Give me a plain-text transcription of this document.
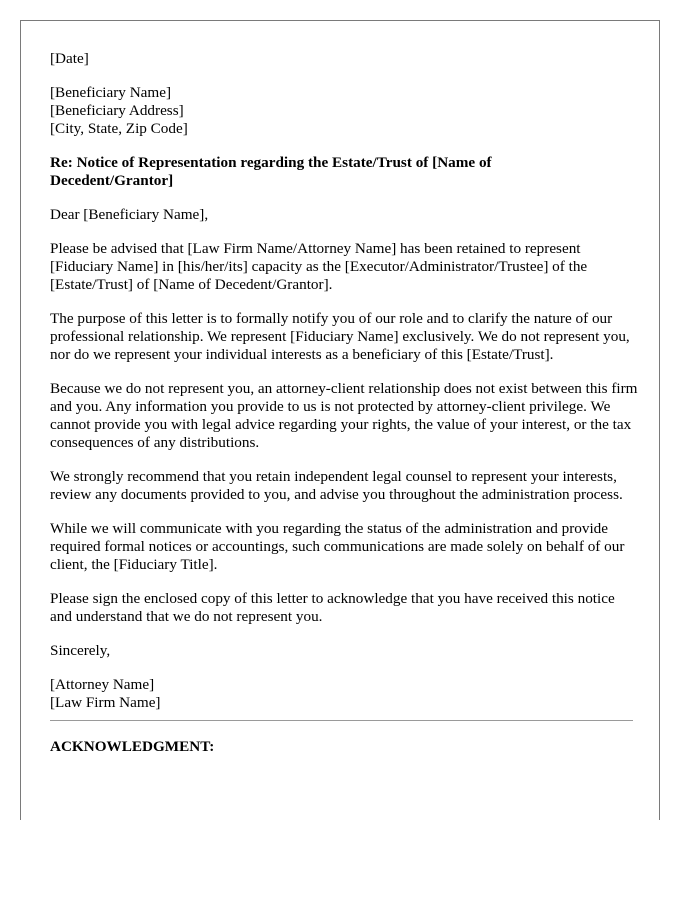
[Date]
[Beneficiary Name]
[Beneficiary Address]
[City, State, Zip Code]
Re: Notice of Representation regarding the Estate/Trust of [Name of
Decedent/Grantor]
Dear [Beneficiary Name],

Please be advised that [Law Firm Name/Attorney Name] has been retained to represent [Fiduciary Name] in [his/her/its] capacity as the [Executor/Administrator/Trustee] of the [Estate/Trust] of [Name of Decedent/Grantor].

The purpose of this letter is to formally notify you of our role and to clarify the nature of our professional relationship. We represent [Fiduciary Name] exclusively. We do not represent you, nor do we represent your individual interests as a beneficiary of this [Estate/Trust].

Because we do not represent you, an attorney-client relationship does not exist between this firm and you. Any information you provide to us is not protected by attorney-client privilege. We cannot provide you with legal advice regarding your rights, the value of your interest, or the tax consequences of any distributions.

We strongly recommend that you retain independent legal counsel to represent your interests, review any documents provided to you, and advise you throughout the administration process.

While we will communicate with you regarding the status of the administration and provide required formal notices or accountings, such communications are made solely on behalf of our client, the [Fiduciary Title].

Please sign the enclosed copy of this letter to acknowledge that you have received this notice and understand that we do not represent you.

Sincerely,
[Attorney Name]
[Law Firm Name]
ACKNOWLEDGMENT:
